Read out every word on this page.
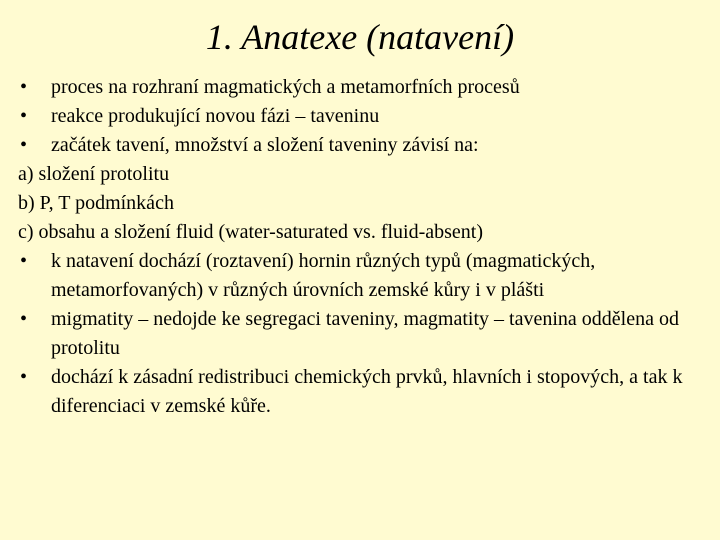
1. Anatexe (natavení)
•	proces na rozhraní magmatických a metamorfních procesů
•	reakce produkující novou fázi – taveninu
•	začátek tavení, množství a složení taveniny závisí na:
a) složení protolitu
b) P, T podmínkách
c) obsahu a složení fluid (water-saturated vs. fluid-absent)
•	k natavení dochází (roztavení) hornin různých typů (magmatických, metamorfovaných) v různých úrovních zemské kůry i v plášti
•	migmatity – nedojde ke segregaci taveniny, magmatity – tavenina oddělena od protolitu
•	dochází k zásadní redistribuci chemických prvků, hlavních i stopových, a tak k diferenciaci v zemské kůře.
